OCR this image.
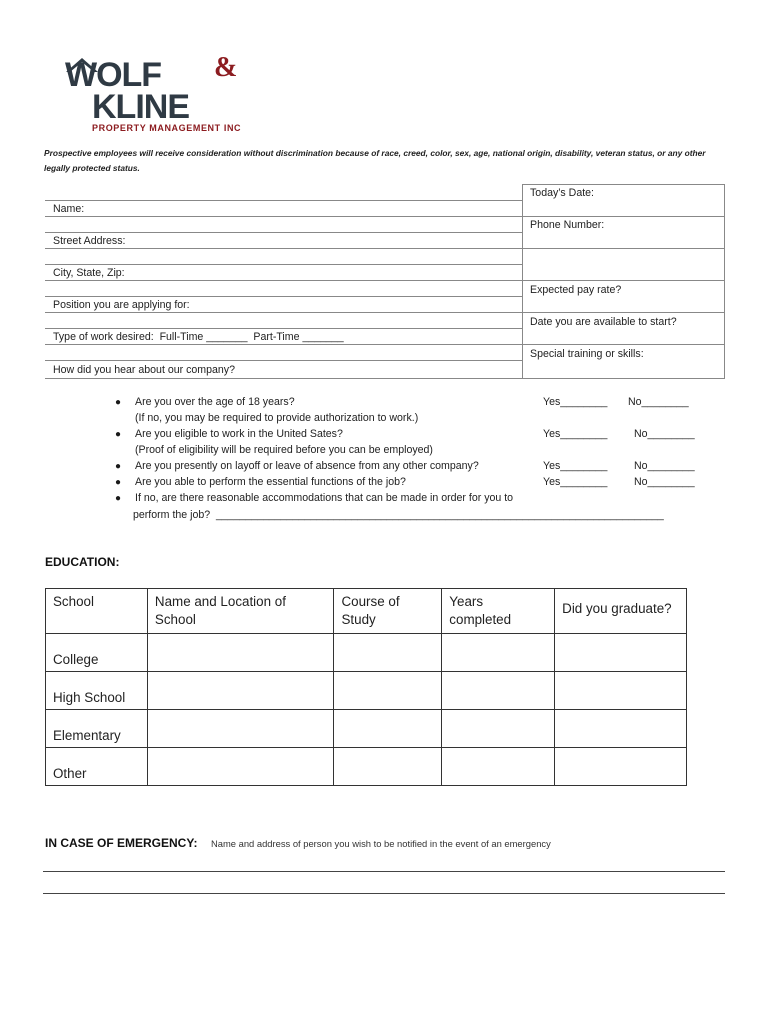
WOLF &
KLINE
PROPERTY MANAGEMENT INC
Prospective employees will receive consideration without discrimination because of race, creed, color, sex, age, national origin, disability, veteran status, or any other legally protected status.
Today’s Date:
Name:
Phone Number:
Street Address:
City, State, Zip:
Expected pay rate?
Position you are applying for:
Date you are available to start?
Type of work desired:  Full-Time _______  Part-Time _______
Special training or skills:
How did you hear about our company?
● Are you over the age of 18 years?	Yes________ No________
(If no, you may be required to provide authorization to work.)
● Are you eligible to work in the United Sates?	Yes________	No________
(Proof of eligibility will be required before you can be employed)
● Are you presently on layoff or leave of absence from any other company?	Yes________	No________
● Are you able to perform the essential functions of the job?	Yes________	No________
● If no, are there reasonable accommodations that can be made in order for you to
perform the job?  ____________________________________________________________________________
EDUCATION:
School	Name and Location of School	Course of Study	Years completed	Did you graduate?
College				
High School				
Elementary				
Other				
IN CASE OF EMERGENCY: Name and address of person you wish to be notified in the event of an emergency
